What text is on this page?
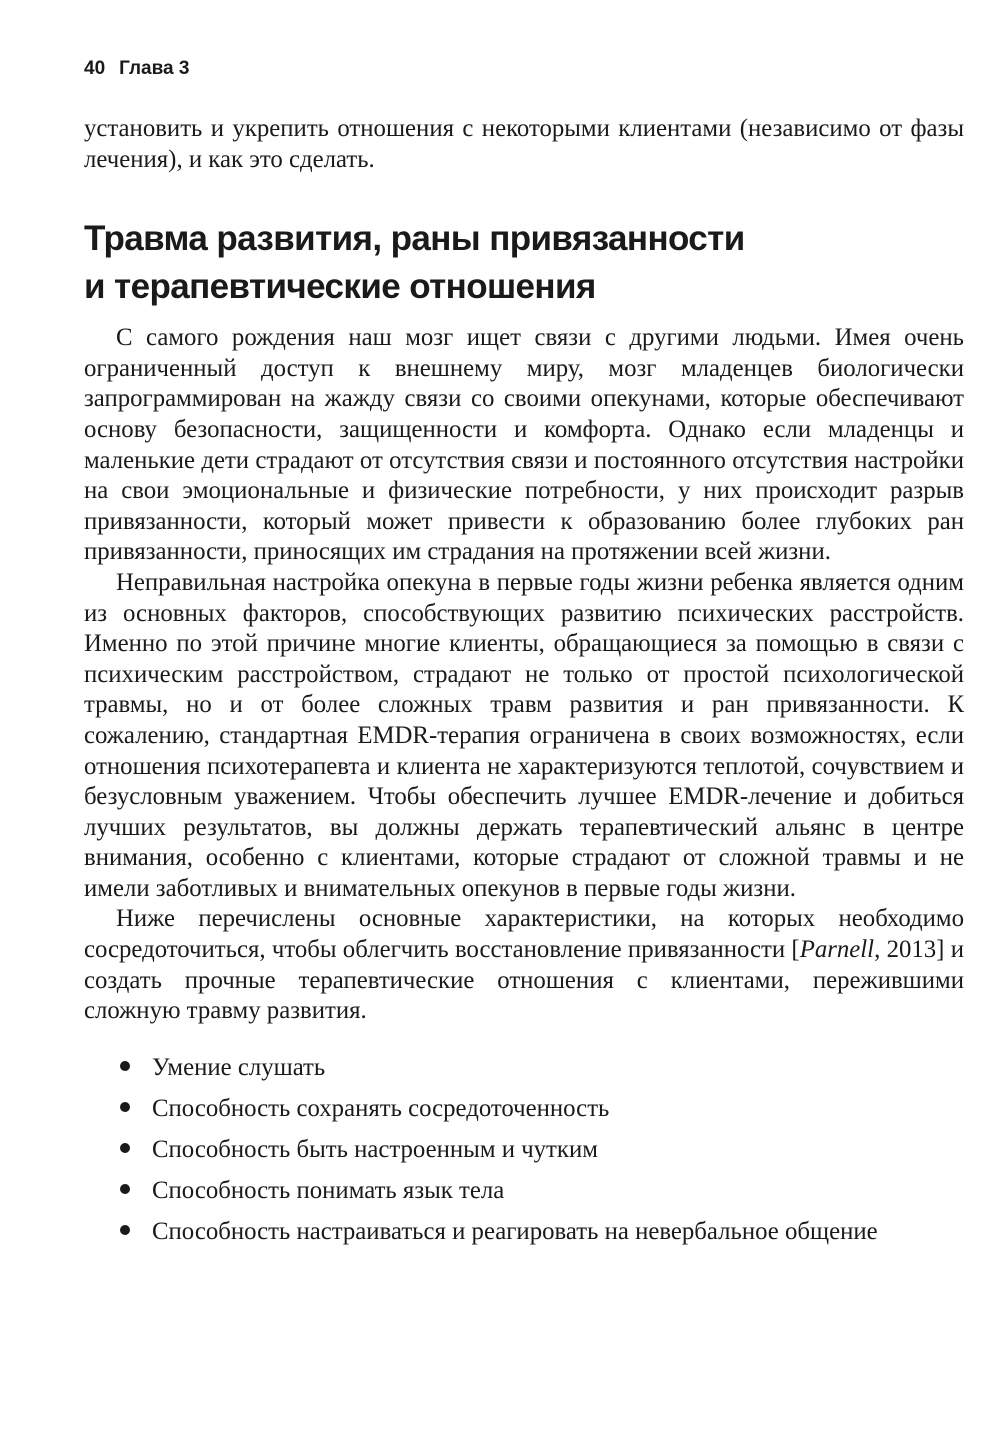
40 Глава 3

установить и укрепить отношения с некоторыми клиентами (независимо от фазы лечения), и как это сделать.

Травма развития, раны привязанности
и терапевтические отношения

С самого рождения наш мозг ищет связи с другими людьми. Имея очень ограниченный доступ к внешнему миру, мозг младенцев биологически запрограммирован на жажду связи со своими опекунами, которые обеспечивают основу безопасности, защищенности и комфорта. Однако если младенцы и маленькие дети страдают от отсутствия связи и постоянного отсутствия настройки на свои эмоциональные и физические потребности, у них происходит разрыв привязанности, который может привести к образованию более глубоких ран привязанности, приносящих им страдания на протяжении всей жизни.

Неправильная настройка опекуна в первые годы жизни ребенка является одним из основных факторов, способствующих развитию психических расстройств. Именно по этой причине многие клиенты, обращающиеся за помощью в связи с психическим расстройством, страдают не только от простой психологической травмы, но и от более сложных травм развития и ран привязанности. К сожалению, стандартная EMDR-терапия ограничена в своих возможностях, если отношения психотерапевта и клиента не характеризуются теплотой, сочувствием и безусловным уважением. Чтобы обеспечить лучшее EMDR-лечение и добиться лучших результатов, вы должны держать терапевтический альянс в центре внимания, особенно с клиентами, которые страдают от сложной травмы и не имели заботливых и внимательных опекунов в первые годы жизни.

Ниже перечислены основные характеристики, на которых необходимо сосредоточиться, чтобы облегчить восстановление привязанности [Parnell, 2013] и создать прочные терапевтические отношения с клиентами, пережившими сложную травму развития.

Умение слушать
Способность сохранять сосредоточенность
Способность быть настроенным и чутким
Способность понимать язык тела
Способность настраиваться и реагировать на невербальное общение
